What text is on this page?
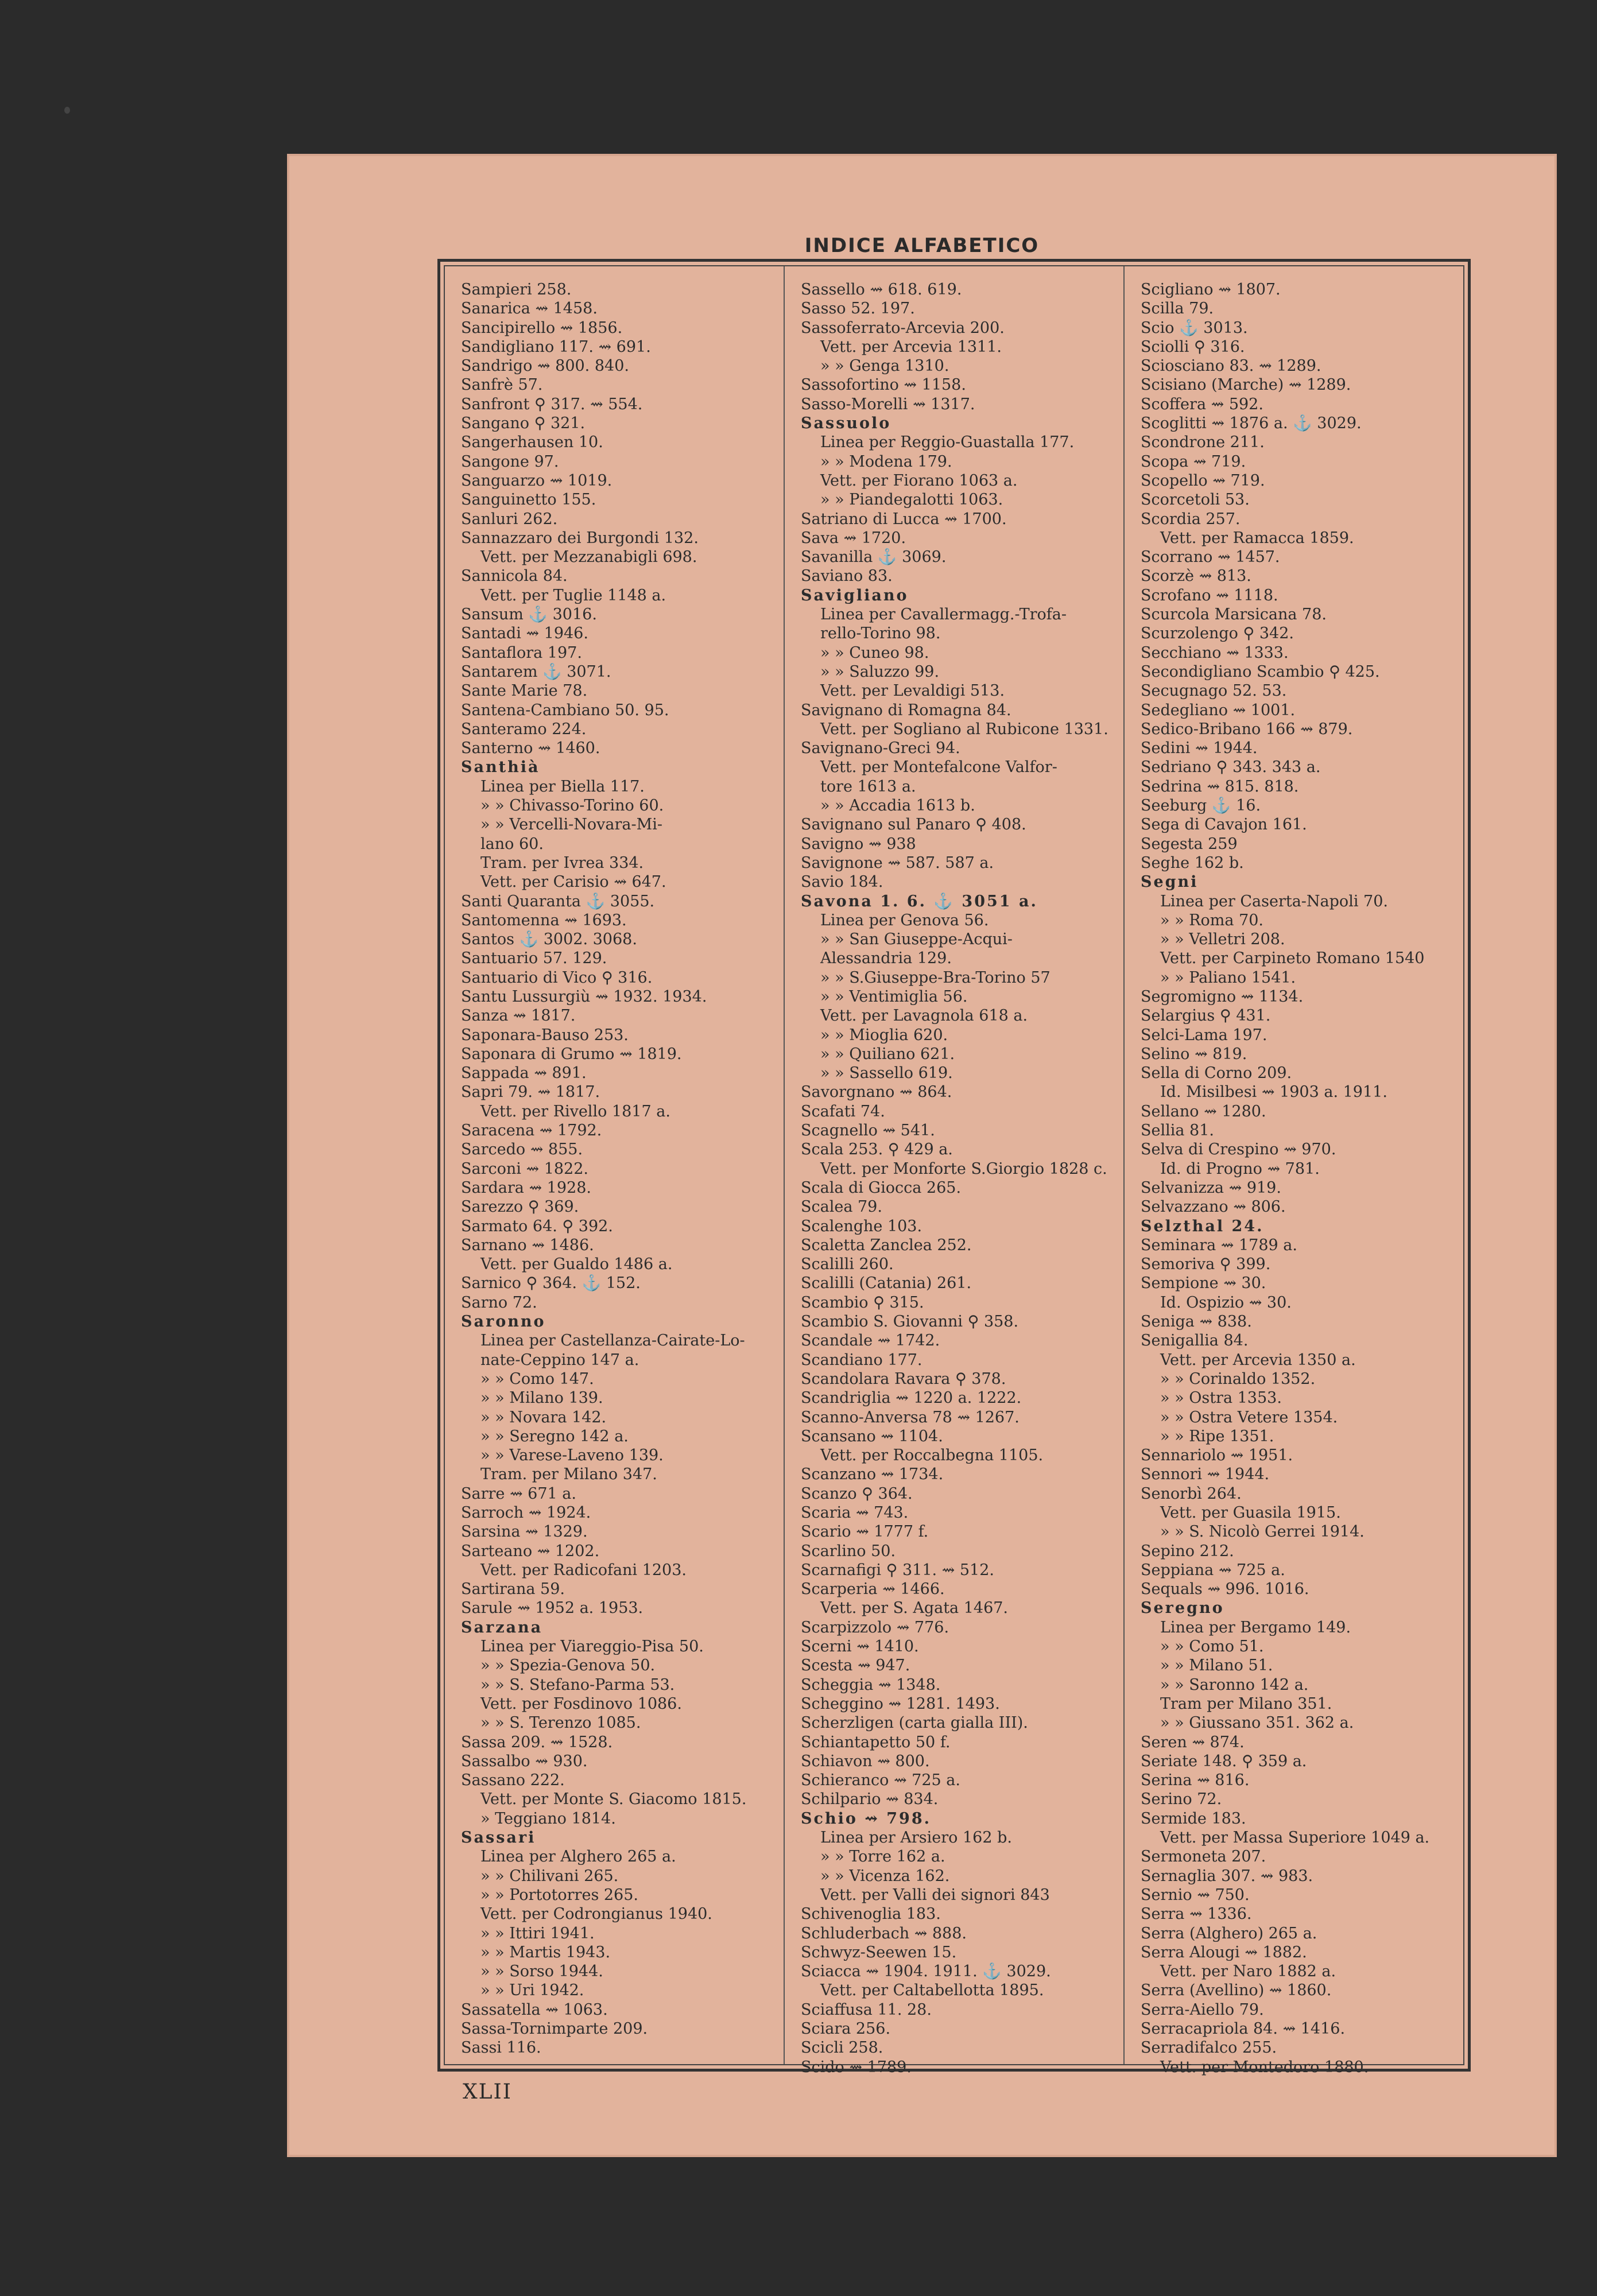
INDICE ALFABETICO
Sampieri 258.
Sanarica ⇝ 1458.
Sancipirello ⇝ 1856.
Sandigliano 117. ⇝ 691.
Sandrigo ⇝ 800. 840.
Sanfrè 57.
Sanfront ⚲ 317. ⇝ 554.
Sangano ⚲ 321.
Sangerhausen 10.
Sangone 97.
Sanguarzo ⇝ 1019.
Sanguinetto 155.
Sanluri 262.
Sannazzaro dei Burgondi 132.
Vett. per Mezzanabigli 698.
Sannicola 84.
Vett. per Tuglie 1148 a.
Sansum ⚓ 3016.
Santadi ⇝ 1946.
Santaflora 197.
Santarem ⚓ 3071.
Sante Marie 78.
Santena-Cambiano 50. 95.
Santeramo 224.
Santerno ⇝ 1460.
Santhià
Linea per Biella 117.
» » Chivasso-Torino 60.
» » Vercelli-Novara-Mi-
lano 60.
Tram. per Ivrea 334.
Vett. per Carisio ⇝ 647.
Santi Quaranta ⚓ 3055.
Santomenna ⇝ 1693.
Santos ⚓ 3002. 3068.
Santuario 57. 129.
Santuario di Vico ⚲ 316.
Santu Lussurgiù ⇝ 1932. 1934.
Sanza ⇝ 1817.
Saponara-Bauso 253.
Saponara di Grumo ⇝ 1819.
Sappada ⇝ 891.
Sapri 79. ⇝ 1817.
Vett. per Rivello 1817 a.
Saracena ⇝ 1792.
Sarcedo ⇝ 855.
Sarconi ⇝ 1822.
Sardara ⇝ 1928.
Sarezzo ⚲ 369.
Sarmato 64. ⚲ 392.
Sarnano ⇝ 1486.
Vett. per Gualdo 1486 a.
Sarnico ⚲ 364. ⚓ 152.
Sarno 72.
Saronno
Linea per Castellanza-Cairate-Lo-
nate-Ceppino 147 a.
» » Como 147.
» » Milano 139.
» » Novara 142.
» » Seregno 142 a.
» » Varese-Laveno 139.
Tram. per Milano 347.
Sarre ⇝ 671 a.
Sarroch ⇝ 1924.
Sarsina ⇝ 1329.
Sarteano ⇝ 1202.
Vett. per Radicofani 1203.
Sartirana 59.
Sarule ⇝ 1952 a. 1953.
Sarzana
Linea per Viareggio-Pisa 50.
» » Spezia-Genova 50.
» » S. Stefano-Parma 53.
Vett. per Fosdinovo 1086.
» » S. Terenzo 1085.
Sassa 209. ⇝ 1528.
Sassalbo ⇝ 930.
Sassano 222.
Vett. per Monte S. Giacomo 1815.
» Teggiano 1814.
Sassari
Linea per Alghero 265 a.
» » Chilivani 265.
» » Portotorres 265.
Vett. per Codrongianus 1940.
» » Ittiri 1941.
» » Martis 1943.
» » Sorso 1944.
» » Uri 1942.
Sassatella ⇝ 1063.
Sassa-Tornimparte 209.
Sassi 116.
Sassello ⇝ 618. 619.
Sasso 52. 197.
Sassoferrato-Arcevia 200.
Vett. per Arcevia 1311.
» » Genga 1310.
Sassofortino ⇝ 1158.
Sasso-Morelli ⇝ 1317.
Sassuolo
Linea per Reggio-Guastalla 177.
» » Modena 179.
Vett. per Fiorano 1063 a.
» » Piandegalotti 1063.
Satriano di Lucca ⇝ 1700.
Sava ⇝ 1720.
Savanilla ⚓ 3069.
Saviano 83.
Savigliano
Linea per Cavallermagg.-Trofa-
rello-Torino 98.
» » Cuneo 98.
» » Saluzzo 99.
Vett. per Levaldigi 513.
Savignano di Romagna 84.
Vett. per Sogliano al Rubicone 1331.
Savignano-Greci 94.
Vett. per Montefalcone Valfor-
tore 1613 a.
» » Accadia 1613 b.
Savignano sul Panaro ⚲ 408.
Savigno ⇝ 938
Savignone ⇝ 587. 587 a.
Savio 184.
Savona 1. 6. ⚓ 3051 a.
Linea per Genova 56.
» » San Giuseppe-Acqui-
Alessandria 129.
» » S.Giuseppe-Bra-Torino 57
» » Ventimiglia 56.
Vett. per Lavagnola 618 a.
» » Mioglia 620.
» » Quiliano 621.
» » Sassello 619.
Savorgnano ⇝ 864.
Scafati 74.
Scagnello ⇝ 541.
Scala 253. ⚲ 429 a.
Vett. per Monforte S.Giorgio 1828 c.
Scala di Giocca 265.
Scalea 79.
Scalenghe 103.
Scaletta Zanclea 252.
Scalilli 260.
Scalilli (Catania) 261.
Scambio ⚲ 315.
Scambio S. Giovanni ⚲ 358.
Scandale ⇝ 1742.
Scandiano 177.
Scandolara Ravara ⚲ 378.
Scandriglia ⇝ 1220 a. 1222.
Scanno-Anversa 78 ⇝ 1267.
Scansano ⇝ 1104.
Vett. per Roccalbegna 1105.
Scanzano ⇝ 1734.
Scanzo ⚲ 364.
Scaria ⇝ 743.
Scario ⇝ 1777 f.
Scarlino 50.
Scarnafigi ⚲ 311. ⇝ 512.
Scarperia ⇝ 1466.
Vett. per S. Agata 1467.
Scarpizzolo ⇝ 776.
Scerni ⇝ 1410.
Scesta ⇝ 947.
Scheggia ⇝ 1348.
Scheggino ⇝ 1281. 1493.
Scherzligen (carta gialla III).
Schiantapetto 50 f.
Schiavon ⇝ 800.
Schieranco ⇝ 725 a.
Schilpario ⇝ 834.
Schio ⇝ 798.
Linea per Arsiero 162 b.
» » Torre 162 a.
» » Vicenza 162.
Vett. per Valli dei signori 843
Schivenoglia 183.
Schluderbach ⇝ 888.
Schwyz-Seewen 15.
Sciacca ⇝ 1904. 1911. ⚓ 3029.
Vett. per Caltabellotta 1895.
Sciaffusa 11. 28.
Sciara 256.
Scicli 258.
Scido ⇝ 1789.
Scigliano ⇝ 1807.
Scilla 79.
Scio ⚓ 3013.
Sciolli ⚲ 316.
Sciosciano 83. ⇝ 1289.
Scisiano (Marche) ⇝ 1289.
Scoffera ⇝ 592.
Scoglitti ⇝ 1876 a. ⚓ 3029.
Scondrone 211.
Scopa ⇝ 719.
Scopello ⇝ 719.
Scorcetoli 53.
Scordia 257.
Vett. per Ramacca 1859.
Scorrano ⇝ 1457.
Scorzè ⇝ 813.
Scrofano ⇝ 1118.
Scurcola Marsicana 78.
Scurzolengo ⚲ 342.
Secchiano ⇝ 1333.
Secondigliano Scambio ⚲ 425.
Secugnago 52. 53.
Sedegliano ⇝ 1001.
Sedico-Bribano 166 ⇝ 879.
Sedini ⇝ 1944.
Sedriano ⚲ 343. 343 a.
Sedrina ⇝ 815. 818.
Seeburg ⚓ 16.
Sega di Cavajon 161.
Segesta 259
Seghe 162 b.
Segni
Linea per Caserta-Napoli 70.
» » Roma 70.
» » Velletri 208.
Vett. per Carpineto Romano 1540
» » Paliano 1541.
Segromigno ⇝ 1134.
Selargius ⚲ 431.
Selci-Lama 197.
Selino ⇝ 819.
Sella di Corno 209.
Id. Misilbesi ⇝ 1903 a. 1911.
Sellano ⇝ 1280.
Sellia 81.
Selva di Crespino ⇝ 970.
Id. di Progno ⇝ 781.
Selvanizza ⇝ 919.
Selvazzano ⇝ 806.
Selzthal 24.
Seminara ⇝ 1789 a.
Semoriva ⚲ 399.
Sempione ⇝ 30.
Id. Ospizio ⇝ 30.
Seniga ⇝ 838.
Senigallia 84.
Vett. per Arcevia 1350 a.
» » Corinaldo 1352.
» » Ostra 1353.
» » Ostra Vetere 1354.
» » Ripe 1351.
Sennariolo ⇝ 1951.
Sennori ⇝ 1944.
Senorbì 264.
Vett. per Guasila 1915.
» » S. Nicolò Gerrei 1914.
Sepino 212.
Seppiana ⇝ 725 a.
Sequals ⇝ 996. 1016.
Seregno
Linea per Bergamo 149.
» » Como 51.
» » Milano 51.
» » Saronno 142 a.
Tram per Milano 351.
» » Giussano 351. 362 a.
Seren ⇝ 874.
Seriate 148. ⚲ 359 a.
Serina ⇝ 816.
Serino 72.
Sermide 183.
Vett. per Massa Superiore 1049 a.
Sermoneta 207.
Sernaglia 307. ⇝ 983.
Sernio ⇝ 750.
Serra ⇝ 1336.
Serra (Alghero) 265 a.
Serra Alougi ⇝ 1882.
Vett. per Naro 1882 a.
Serra (Avellino) ⇝ 1860.
Serra-Aiello 79.
Serracapriola 84. ⇝ 1416.
Serradifalco 255.
Vett. per Montedoro 1880.
XLII
